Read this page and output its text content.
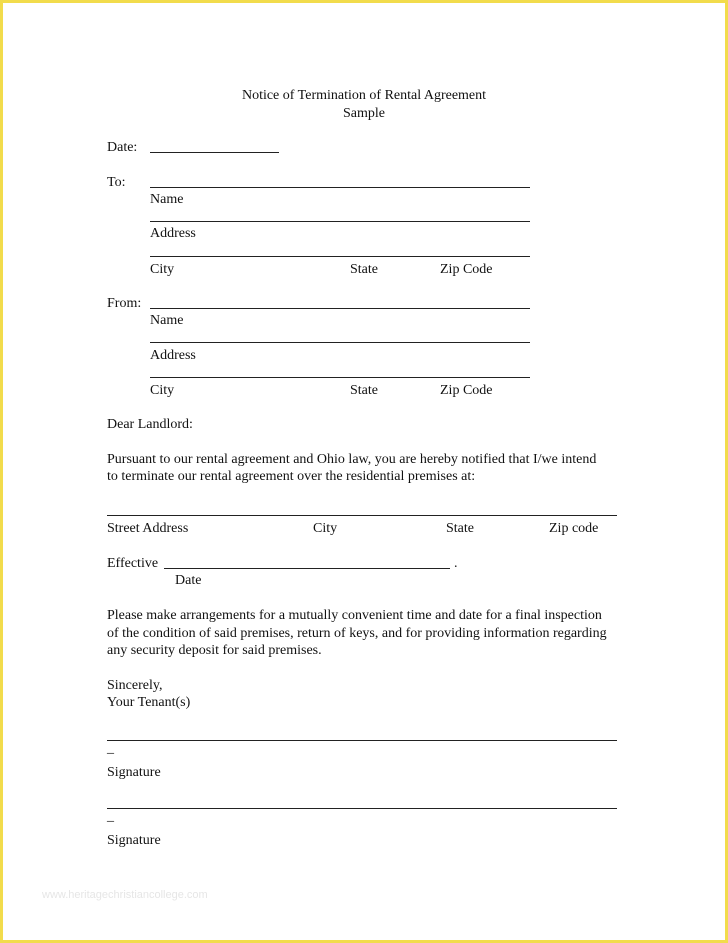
Notice of Termination of Rental Agreement
Sample
Date:
To:
Name
Address
City	State	Zip Code
From:
Name
Address
City	State	Zip Code
Dear Landlord:
Pursuant to our rental agreement and Ohio law, you are hereby notified that I/we intend
to terminate our rental agreement over the residential premises at:
Street Address	City	State	Zip code
Effective	.
Date
Please make arrangements for a mutually convenient time and date for a final inspection
of the condition of said premises, return of keys, and for providing information regarding
any security deposit for said premises.
Sincerely,
Your Tenant(s)
_
Signature
_
Signature
www.heritagechristiancollege.com
